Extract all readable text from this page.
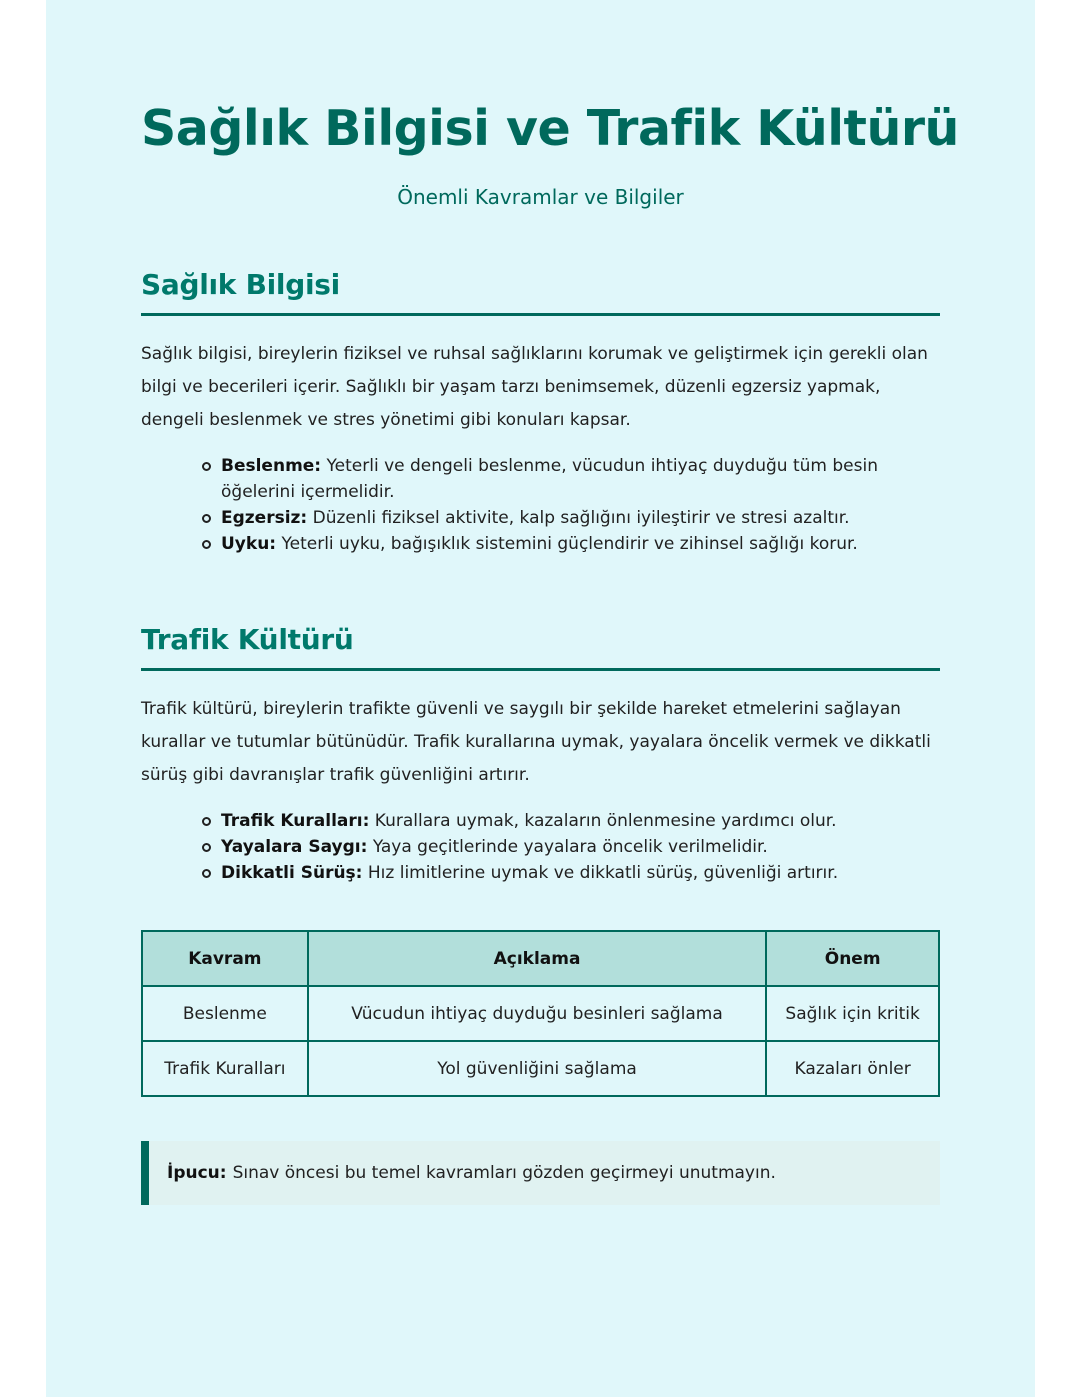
Sağlık Bilgisi ve Trafik Kültürü

Önemli Kavramlar ve Bilgiler

Sağlık Bilgisi

Sağlık bilgisi, bireylerin fiziksel ve ruhsal sağlıklarını korumak ve geliştirmek için gerekli olan bilgi ve becerileri içerir. Sağlıklı bir yaşam tarzı benimsemek, düzenli egzersiz yapmak, dengeli beslenmek ve stres yönetimi gibi konuları kapsar.

Beslenme: Yeterli ve dengeli beslenme, vücudun ihtiyaç duyduğu tüm besin öğelerini içermelidir.
Egzersiz: Düzenli fiziksel aktivite, kalp sağlığını iyileştirir ve stresi azaltır.
Uyku: Yeterli uyku, bağışıklık sistemini güçlendirir ve zihinsel sağlığı korur.
Trafik Kültürü

Trafik kültürü, bireylerin trafikte güvenli ve saygılı bir şekilde hareket etmelerini sağlayan kurallar ve tutumlar bütünüdür. Trafik kurallarına uymak, yayalara öncelik vermek ve dikkatli sürüş gibi davranışlar trafik güvenliğini artırır.

Trafik Kuralları: Kurallara uymak, kazaların önlenmesine yardımcı olur.
Yayalara Saygı: Yaya geçitlerinde yayalara öncelik verilmelidir.
Dikkatli Sürüş: Hız limitlerine uymak ve dikkatli sürüş, güvenliği artırır.
Kavram	Açıklama	Önem
Beslenme	Vücudun ihtiyaç duyduğu besinleri sağlama	Sağlık için kritik
Trafik Kuralları	Yol güvenliğini sağlama	Kazaları önler
İpucu: Sınav öncesi bu temel kavramları gözden geçirmeyi unutmayın.
